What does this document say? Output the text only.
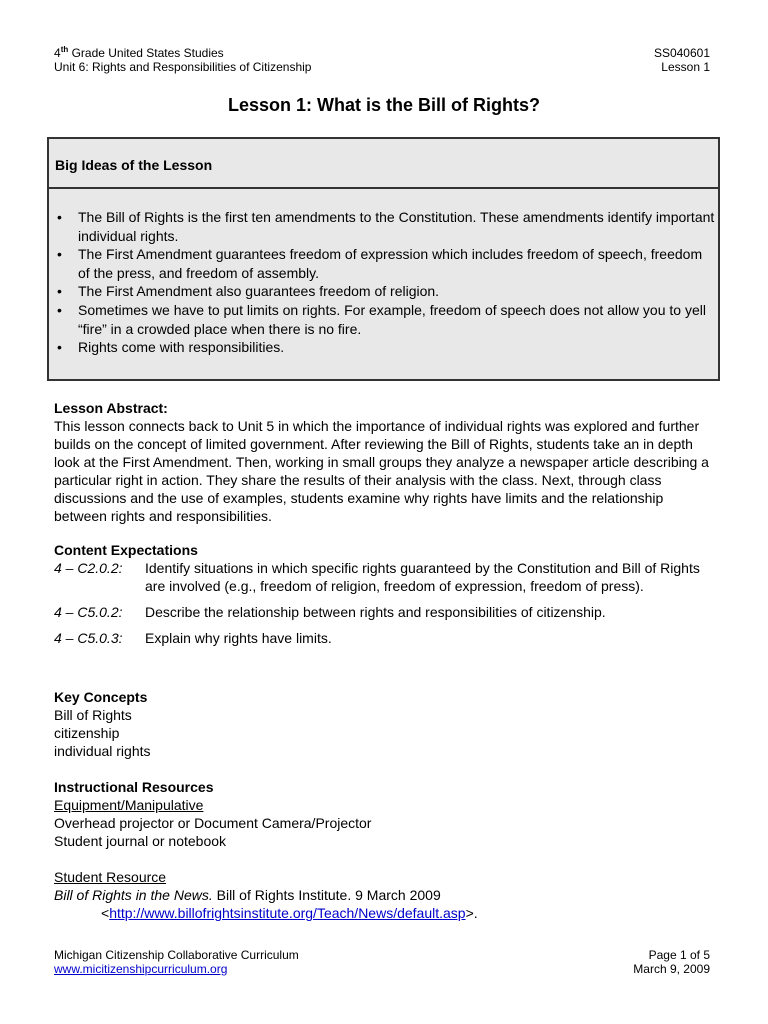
4th Grade United States Studies
Unit 6: Rights and Responsibilities of Citizenship
SS040601
Lesson 1
Lesson 1: What is the Bill of Rights?
Big Ideas of the Lesson
• The Bill of Rights is the first ten amendments to the Constitution. These amendments identify important individual rights.
• The First Amendment guarantees freedom of expression which includes freedom of speech, freedom of the press, and freedom of assembly.
• The First Amendment also guarantees freedom of religion.
• Sometimes we have to put limits on rights. For example, freedom of speech does not allow you to yell “fire” in a crowded place when there is no fire.
• Rights come with responsibilities.
Lesson Abstract:
This lesson connects back to Unit 5 in which the importance of individual rights was explored and further builds on the concept of limited government. After reviewing the Bill of Rights, students take an in depth look at the First Amendment. Then, working in small groups they analyze a newspaper article describing a particular right in action. They share the results of their analysis with the class. Next, through class discussions and the use of examples, students examine why rights have limits and the relationship between rights and responsibilities.
Content Expectations
4 – C2.0.2:	Identify situations in which specific rights guaranteed by the Constitution and Bill of Rights are involved (e.g., freedom of religion, freedom of expression, freedom of press).
4 – C5.0.2:	Describe the relationship between rights and responsibilities of citizenship.
4 – C5.0.3:	Explain why rights have limits.
Key Concepts
Bill of Rights
citizenship
individual rights
Instructional Resources
Equipment/Manipulative
Overhead projector or Document Camera/Projector
Student journal or notebook
Student Resource
Bill of Rights in the News. Bill of Rights Institute. 9 March 2009
<http://www.billofrightsinstitute.org/Teach/News/default.asp>.
Michigan Citizenship Collaborative Curriculum
www.micitizenshipcurriculum.org
Page 1 of 5
March 9, 2009
